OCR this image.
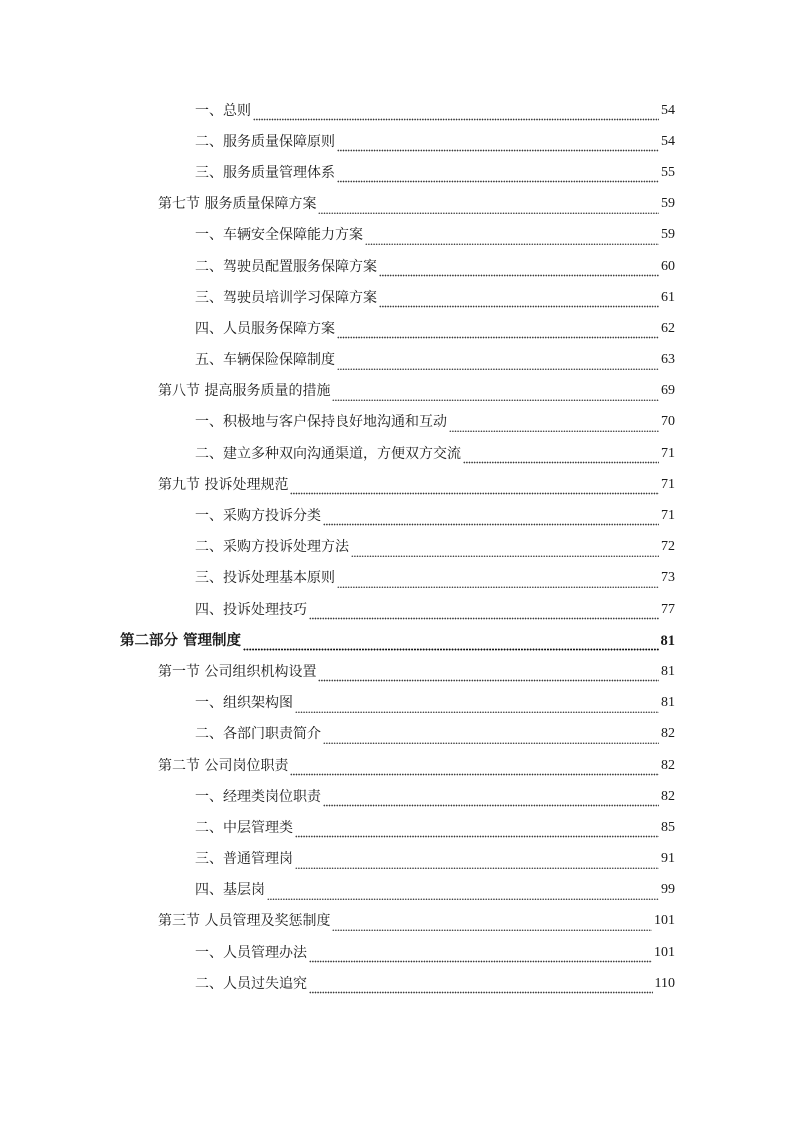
一、总则	54
二、服务质量保障原则	54
三、服务质量管理体系	55
第七节 服务质量保障方案	59
一、车辆安全保障能力方案	59
二、驾驶员配置服务保障方案	60
三、驾驶员培训学习保障方案	61
四、人员服务保障方案	62
五、车辆保险保障制度	63
第八节 提高服务质量的措施	69
一、积极地与客户保持良好地沟通和互动	70
二、建立多种双向沟通渠道，方便双方交流	71
第九节 投诉处理规范	71
一、采购方投诉分类	71
二、采购方投诉处理方法	72
三、投诉处理基本原则	73
四、投诉处理技巧	77
第二部分 管理制度	81
第一节 公司组织机构设置	81
一、组织架构图	81
二、各部门职责简介	82
第二节 公司岗位职责	82
一、经理类岗位职责	82
二、中层管理类	85
三、普通管理岗	91
四、基层岗	99
第三节 人员管理及奖惩制度	101
一、人员管理办法	101
二、人员过失追究	110
